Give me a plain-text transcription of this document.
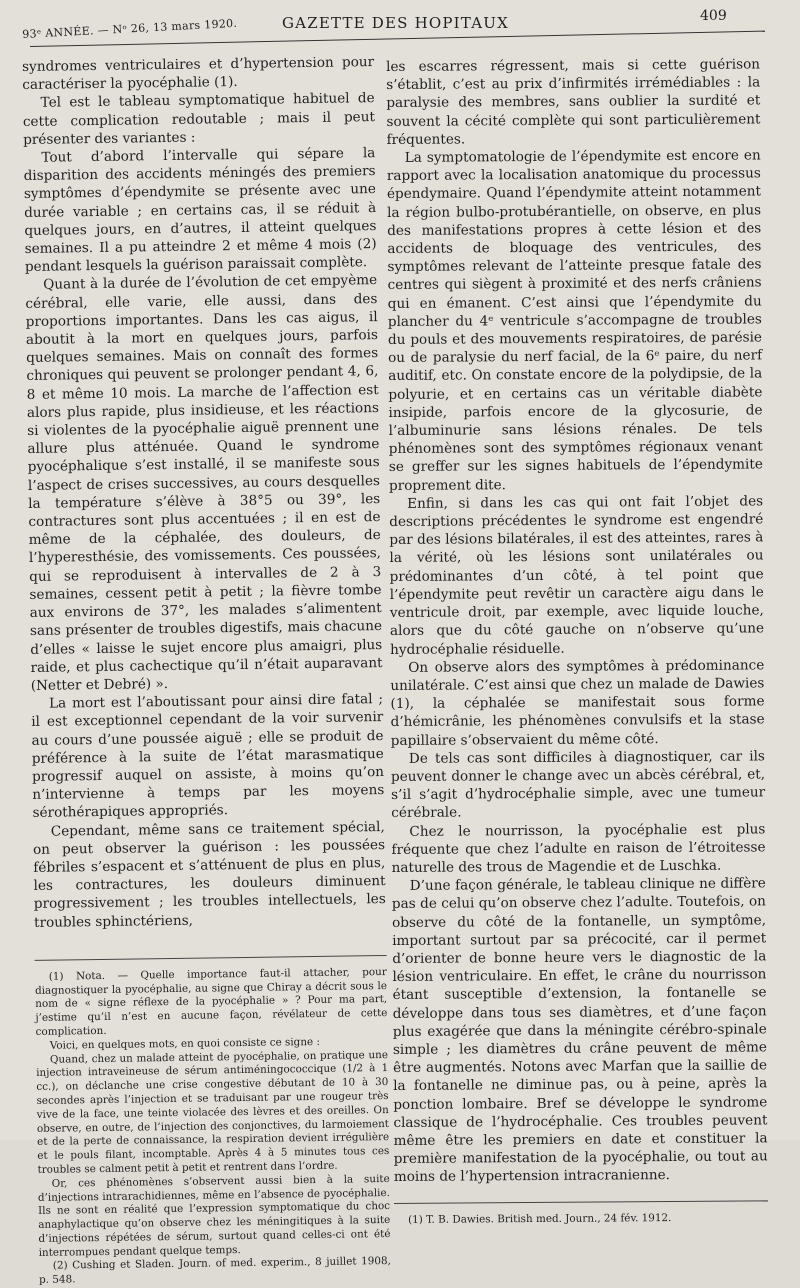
93ᵉ ANNÉE. — Nᵒ 26, 13 mars 1920.	GAZETTE DES HOPITAUX	409

syndromes ventriculaires et d’hypertension pour caractériser la pyocéphalie (1).

Tel est le tableau symptomatique habituel de cette complication redoutable ; mais il peut présenter des variantes :

Tout d’abord l’intervalle qui sépare la disparition des accidents méningés des premiers symptômes d’épendymite se présente avec une durée variable ; en certains cas, il se réduit à quelques jours, en d’autres, il atteint quelques semaines. Il a pu atteindre 2 et même 4 mois (2) pendant lesquels la guérison paraissait complète.

Quant à la durée de l’évolution de cet empyème cérébral, elle varie, elle aussi, dans des proportions importantes. Dans les cas aigus, il aboutit à la mort en quelques jours, parfois quelques semaines. Mais on connaît des formes chroniques qui peuvent se prolonger pendant 4, 6, 8 et même 10 mois. La marche de l’affection est alors plus rapide, plus insidieuse, et les réactions si violentes de la pyocéphalie aiguë prennent une allure plus atténuée. Quand le syndrome pyocéphalique s’est installé, il se manifeste sous l’aspect de crises successives, au cours desquelles la température s’élève à 38°5 ou 39°, les contractures sont plus accentuées ; il en est de même de la céphalée, des douleurs, de l’hyperesthésie, des vomissements. Ces poussées, qui se reproduisent à intervalles de 2 à 3 semaines, cessent petit à petit ; la fièvre tombe aux environs de 37°, les malades s’alimentent sans présenter de troubles digestifs, mais chacune d’elles « laisse le sujet encore plus amaigri, plus raide, et plus cachectique qu’il n’était auparavant (Netter et Debré) ».

La mort est l’aboutissant pour ainsi dire fatal ; il est exceptionnel cependant de la voir survenir au cours d’une poussée aiguë ; elle se produit de préférence à la suite de l’état marasmatique progressif auquel on assiste, à moins qu’on n’intervienne à temps par les moyens sérothérapiques appropriés.

Cependant, même sans ce traitement spécial, on peut observer la guérison : les poussées fébriles s’espacent et s’atténuent de plus en plus, les contractures, les douleurs diminuent progressivement ; les troubles intellectuels, les troubles sphinctériens,

(1) Nota. — Quelle importance faut-il attacher, pour diagnostiquer la pyocéphalie, au signe que Chiray a décrit sous le nom de « signe réflexe de la pyocéphalie » ? Pour ma part, j’estime qu’il n’est en aucune façon, révélateur de cette complication.

Voici, en quelques mots, en quoi consiste ce signe :

Quand, chez un malade atteint de pyocéphalie, on pratique une injection intraveineuse de sérum antiméningococcique (1/2 à 1 cc.), on déclanche une crise congestive débutant de 10 à 30 secondes après l’injection et se traduisant par une rougeur très vive de la face, une teinte violacée des lèvres et des oreilles. On observe, en outre, de l’injection des conjonctives, du larmoiement et de la perte de connaissance, la respiration devient irrégulière et le pouls filant, incomptable. Après 4 à 5 minutes tous ces troubles se calment petit à petit et rentrent dans l’ordre.

Or, ces phénomènes s’observent aussi bien à la suite d’injections intrarachidiennes, même en l’absence de pyocéphalie. Ils ne sont en réalité que l’expression symptomatique du choc anaphylactique qu’on observe chez les méningitiques à la suite d’injections répétées de sérum, surtout quand celles-ci ont été interrompues pendant quelque temps.

(2) Cushing et Sladen. Journ. of med. experim., 8 juillet 1908, p. 548.

les escarres régressent, mais si cette guérison s’établit, c’est au prix d’infirmités irrémédiables : la paralysie des membres, sans oublier la surdité et souvent la cécité complète qui sont particulièrement fréquentes.

La symptomatologie de l’épendymite est encore en rapport avec la localisation anatomique du processus épendymaire. Quand l’épendymite atteint notamment la région bulbo-protubérantielle, on observe, en plus des manifestations propres à cette lésion et des accidents de bloquage des ventricules, des symptômes relevant de l’atteinte presque fatale des centres qui siègent à proximité et des nerfs crâniens qui en émanent. C’est ainsi que l’épendymite du plancher du 4ᵉ ventricule s’accompagne de troubles du pouls et des mouvements respiratoires, de parésie ou de paralysie du nerf facial, de la 6ᵉ paire, du nerf auditif, etc. On constate encore de la polydipsie, de la polyurie, et en certains cas un véritable diabète insipide, parfois encore de la glycosurie, de l’albuminurie sans lésions rénales. De tels phénomènes sont des symptômes régionaux venant se greffer sur les signes habituels de l’épendymite proprement dite.

Enfin, si dans les cas qui ont fait l’objet des descriptions précédentes le syndrome est engendré par des lésions bilatérales, il est des atteintes, rares à la vérité, où les lésions sont unilatérales ou prédominantes d’un côté, à tel point que l’épendymite peut revêtir un caractère aigu dans le ventricule droit, par exemple, avec liquide louche, alors que du côté gauche on n’observe qu’une hydrocéphalie résiduelle.

On observe alors des symptômes à prédominance unilatérale. C’est ainsi que chez un malade de Dawies (1), la céphalée se manifestait sous forme d’hémicrânie, les phénomènes convulsifs et la stase papillaire s’observaient du même côté.

De tels cas sont difficiles à diagnostiquer, car ils peuvent donner le change avec un abcès cérébral, et, s’il s’agit d’hydrocéphalie simple, avec une tumeur cérébrale.

Chez le nourrisson, la pyocéphalie est plus fréquente que chez l’adulte en raison de l’étroitesse naturelle des trous de Magendie et de Luschka.

D’une façon générale, le tableau clinique ne diffère pas de celui qu’on observe chez l’adulte. Toutefois, on observe du côté de la fontanelle, un symptôme, important surtout par sa précocité, car il permet d’orienter de bonne heure vers le diagnostic de la lésion ventriculaire. En effet, le crâne du nourrisson étant susceptible d’extension, la fontanelle se développe dans tous ses diamètres, et d’une façon plus exagérée que dans la méningite cérébro-spinale simple ; les diamètres du crâne peuvent de même être augmentés. Notons avec Marfan que la saillie de la fontanelle ne diminue pas, ou à peine, après la ponction lombaire. Bref se développe le syndrome classique de l’hydrocéphalie. Ces troubles peuvent même être les premiers en date et constituer la première manifestation de la pyocéphalie, ou tout au moins de l’hypertension intracranienne.

(1) T. B. Dawies. British med. Journ., 24 fév. 1912.
